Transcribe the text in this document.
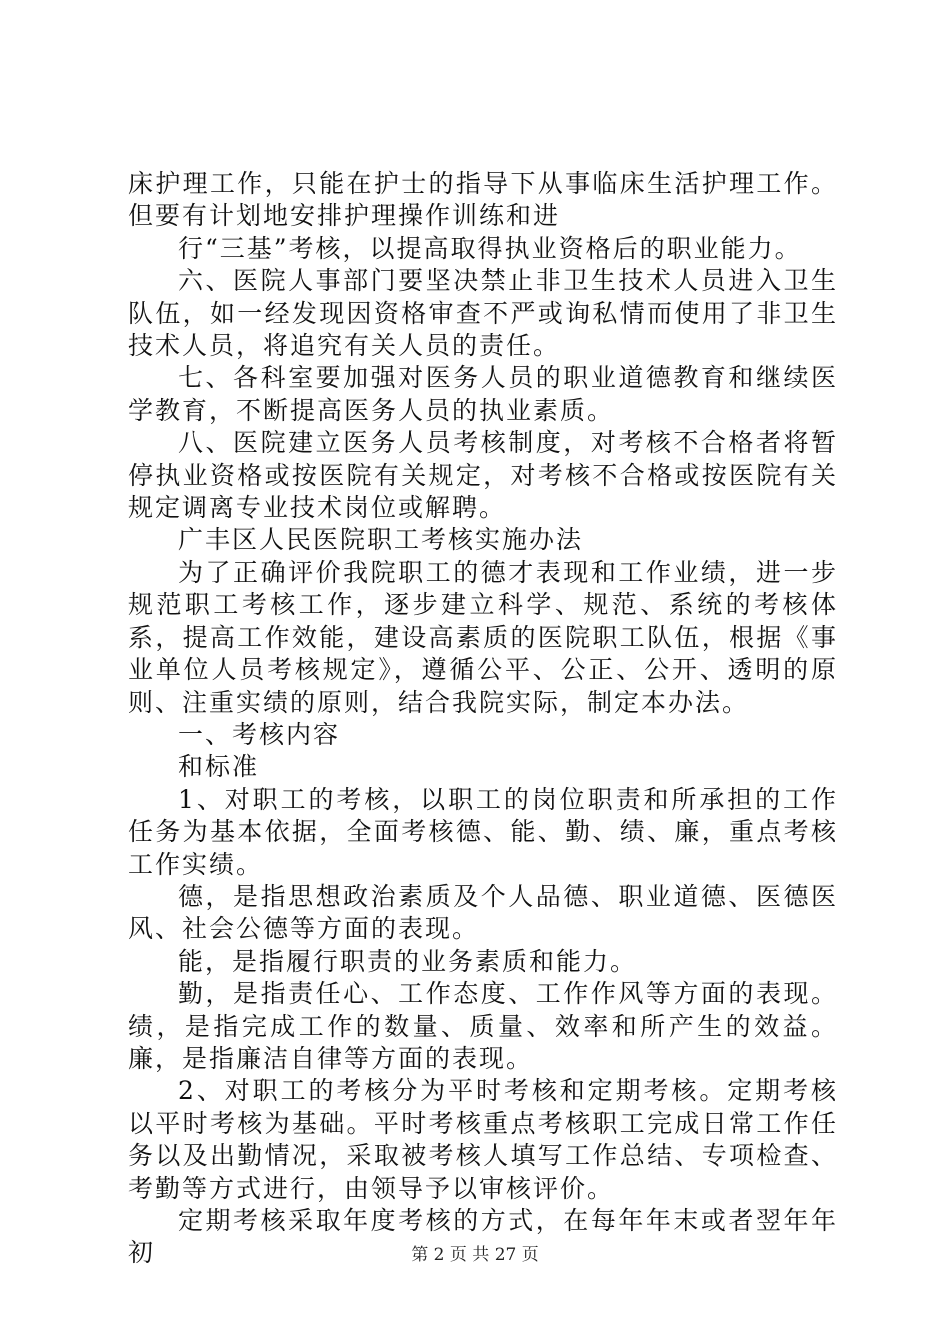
床护理工作，只能在护士的指导下从事临床生活护理工作。但要有计划地安排护理操作训练和进

行“三基”考核，以提高取得执业资格后的职业能力。

六、医院人事部门要坚决禁止非卫生技术人员进入卫生队伍，如一经发现因资格审查不严或询私情而使用了非卫生技术人员，将追究有关人员的责任。

七、各科室要加强对医务人员的职业道德教育和继续医学教育，不断提高医务人员的执业素质。

八、医院建立医务人员考核制度，对考核不合格者将暂停执业资格或按医院有关规定，对考核不合格或按医院有关规定调离专业技术岗位或解聘。

广丰区人民医院职工考核实施办法

为了正确评价我院职工的德才表现和工作业绩，进一步规范职工考核工作，逐步建立科学、规范、系统的考核体系，提高工作效能，建设高素质的医院职工队伍，根据《事业单位人员考核规定》，遵循公平、公正、公开、透明的原则、注重实绩的原则，结合我院实际，制定本办法。

一、考核内容

和标准

1、对职工的考核，以职工的岗位职责和所承担的工作任务为基本依据，全面考核德、能、勤、绩、廉，重点考核工作实绩。

德，是指思想政治素质及个人品德、职业道德、医德医风、社会公德等方面的表现。

能，是指履行职责的业务素质和能力。

勤，是指责任心、工作态度、工作作风等方面的表现。绩，是指完成工作的数量、质量、效率和所产生的效益。廉，是指廉洁自律等方面的表现。

2、对职工的考核分为平时考核和定期考核。定期考核以平时考核为基础。平时考核重点考核职工完成日常工作任务以及出勤情况，采取被考核人填写工作总结、专项检查、考勤等方式进行，由领导予以审核评价。

定期考核采取年度考核的方式，在每年年末或者翌年年初	第 2 页 共 27 页
